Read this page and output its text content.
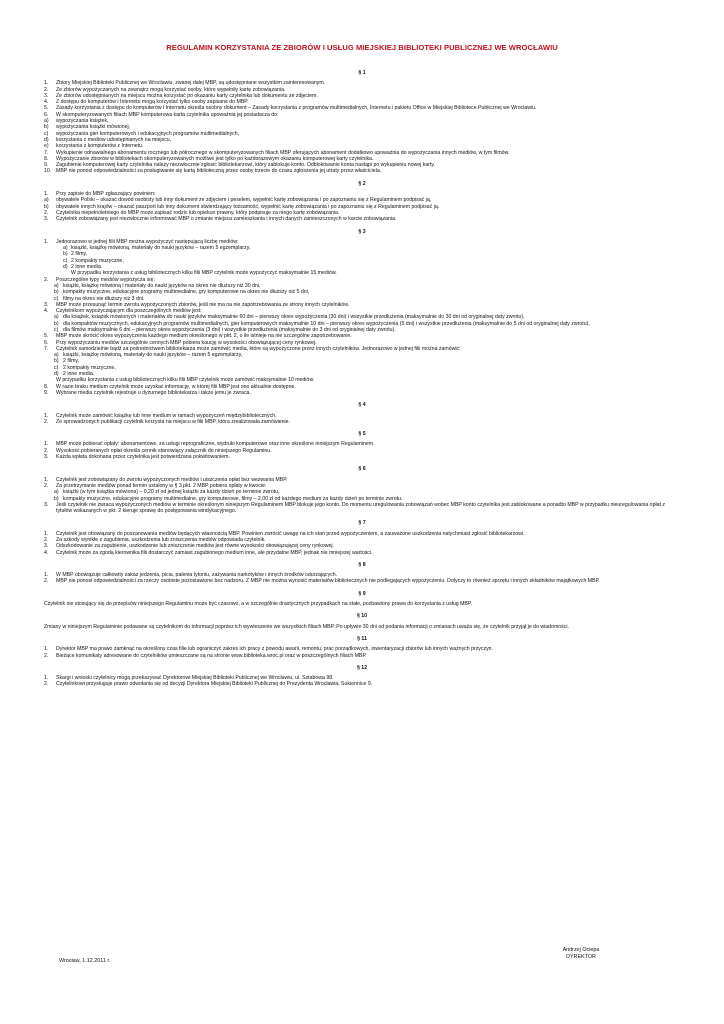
REGULAMIN KORZYSTANIA ZE ZBIORÓW I USŁUG MIEJSKIEJ BIBLIOTEKI PUBLICZNEJ WE WROCŁAWIU
§ 1
1. Zbiory Miejskiej Biblioteki Publicznej we Wrocławiu, zwanej dalej MBP, są udostępniane wszystkim zainteresowanym.
2. Ze zbiorów wypożyczanych na zewnątrz mogą korzystać osoby, które wypełniły kartę zobowiązania.
3. Ze zbiorów udostępnianych na miejscu można korzystać po okazaniu karty czytelnika lub dokumentu ze zdjęciem.
4. Z dostępu do komputerów i Internetu mogą korzystać tylko osoby zapisane do MBP.
5. Zasady korzystania z dostępu do komputerów i Internetu określa osobny dokument – Zasady korzystania z programów multimedialnych, Internetu i pakietu Office w Miejskiej Bibliotece Publicznej we Wrocławiu.
6. W skomputeryzowanych filiach MBP komputerowa karta czytelnika upoważnia jej posiadacza do:
a) wypożyczania książek,
b) wypożyczania książki mówionej,
c) wypożyczania gier komputerowych i edukacyjnych programów multimedialnych,
d) korzystania z mediów udostępnianych na miejscu,
e) korzystania z komputerów z Internetu.
7. Wykupienie odnawialnego abonamentu rocznego lub półrocznego w skomputeryzowanych filiach MBP oferujących abonament dodatkowo upoważnia do wypożyczania innych mediów, w tym filmów.
8. Wypożyczanie zbiorów w bibliotekach skomputeryzowanych możliwe jest tylko po każdorazowym okazaniu komputerowej karty czytelnika.
9. Zagubienie komputerowej karty czytelnika należy niezwłocznie zgłosić bibliotekarzowi, który zablokuje konto. Odblokowanie konta nastąpi po wykupieniu nowej karty.
10. MBP nie ponosi odpowiedzialności za posługiwanie się kartą biblioteczną przez osoby trzecie do czasu zgłoszenia jej utraty przez właściciela.
§ 2
1. Przy zapisie do MBP zgłaszający powinien:
a) obywatele Polski – okazać dowód osobisty lub inny dokument ze zdjęciem i peselem, wypełnić kartę zobowiązania i po zapoznaniu się z Regulaminem podpisać ją,
b) obywatele innych krajów – okazać paszport lub inny dokument stwierdzający tożsamość, wypełnić kartę zobowiązania i po zapoznaniu się z Regulaminem podpisać ją.
2. Czytelnika niepełnoletniego do MBP może zapisać rodzic lub opiekun prawny, który podpisuje za niego kartę zobowiązania.
3. Czytelnik zobowiązany jest niezwłocznie informować MBP o zmianie miejsca zamieszkania i innych danych zamieszczonych w karcie zobowiązania.
§ 3
1. Jednorazowo w jednej filii MBP można wypożyczyć następującą liczbę mediów:
a) książki, książkę mówioną, materiały do nauki języków – razem 5 egzemplarzy,
b) 2 filmy,
c) 2 kompakty muzyczne,
d) 2 inne media.
W przypadku korzystania z usług bibliotecznych kilku filii MBP czytelnik może wypożyczyć maksymalnie 15 mediów.
2. Poszczególne typy mediów wypożycza się:
a) książki, książkę mówioną i materiały do nauki języków na okres nie dłuższy niż 30 dni,
b) kompakty muzyczne, edukacyjne programy multimedialne, gry komputerowe na okres nie dłuższy niż 5 dni,
c) filmy na okres nie dłuższy niż 3 dni.
3. MBP może przesunąć termin zwrotu wypożyczonych zbiorów, jeśli nie ma na nie zapotrzebowania ze strony innych czytelników.
4. Czytelnikom wypożyczającym dla poszczególnych mediów jest:
a) dla książek, książek mówionych i materiałów do nauki języków maksymalnie 60 dni – pierwszy okres wypożyczenia (30 dni) i wszystkie przedłużenia (maksymalnie do 30 dni od oryginalnej daty zwrotu),
b) dla kompaktów muzycznych, edukacyjnych programów multimedialnych, gier komputerowych maksymalnie 10 dni – pierwszy okres wypożyczenia (5 dni) i wszystkie przedłużenia (maksymalnie do 5 dni od oryginalnej daty zwrotu),
c) dla filmów maksymalnie 6 dni – pierwszy okres wypożyczenia (3 dni) i wszystkie przedłużenia (maksymalnie do 3 dni od oryginalnej daty zwrotu).
5. MBP może skrócić okres wypożyczenia każdego medium określonego w pkt. 2, o ile istnieje na nie szczególne zapotrzebowanie.
6. Przy wypożyczaniu mediów szczególnie cennych MBP pobiera kaucję w wysokości obowiązującej ceny rynkowej.
7. Czytelnik samodzielnie bądź za pośrednictwem bibliotekarza może zamówić media, które są wypożyczone przez innych czytelników. Jednorazowo w jednej filii można zamówić:
a) książki, książkę mówioną, materiały do nauki języków – razem 5 egzemplarzy,
b) 2 filmy,
c) 2 kompakty muzyczne,
d) 2 inne media.
W przypadku korzystania z usług bibliotecznych kilku filii MBP czytelnik może zamówić maksymalnie 10 mediów.
8. W razie braku medium czytelnik może uzyskać informację, w której filii MBP jest ono aktualnie dostępne.
9. Wybrane media czytelnik rejestruje u dyżurnego bibliotekarza i także jemu je zwraca.
§ 4
1. Czytelnik może zamówić książkę lub inne medium w ramach wypożyczeń międzybibliotecznych.
2. Ze sprowadzonych publikacji czytelnik korzysta na miejscu w filii MBP, która zrealizowała zamówienie.
§ 5
1. MBP może pobierać opłaty: abonamentowe, za usługi reprograficzne, wydruki komputerowe oraz inne określone niniejszym Regulaminem.
2. Wysokość pobieranych opłat określa cennik stanowiący załącznik do niniejszego Regulaminu.
3. Każda wpłata dokonana przez czytelnika jest potwierdzana pokwitowaniem.
§ 6
1. Czytelnik jest zobowiązany do zwrotu wypożyczonych mediów i uiszczenia opłat bez wezwania MBP.
2. Za przetrzymanie mediów ponad termin ustalony w § 3 pkt. 2 MBP pobiera opłaty w kwocie:
a) książki (w tym książka mówiona) – 0,20 zł od jednej książki za każdy dzień po terminie zwrotu,
b) kompakty muzyczne, edukacyjne programy multimedialne, gry komputerowe, filmy – 2,00 zł od każdego medium za każdy dzień po terminie zwrotu.
3. Jeśli czytelnik nie zwraca wypożyczonych mediów w terminie określonym niniejszym Regulaminem MBP blokuje jego konto. Do momentu uregulowania zobowiązań wobec MBP konto czytelnika jest zablokowane a ponadto MBP w przypadku nieuregulowania opłat z tytułów wskazanych w pkt. 2 kieruje sprawę do postępowania windykacyjnego.
§ 7
1. Czytelnik jest obowiązany do poszanowania mediów będących własnością MBP. Powinien zwrócić uwagę na ich stan przed wypożyczeniem, a zauważone uszkodzenia natychmiast zgłosić bibliotekarzowi.
2. Za szkody wynikłe z zagubienia, uszkodzenia lub zniszczenia mediów odpowiada czytelnik.
3. Odszkodowanie za zagubienie, uszkodzenie lub zniszczenie mediów jest równe wysokości obowiązującej ceny rynkowej.
4. Czytelnik może za zgodą kierownika filii dostarczyć zamiast zagubionego medium inne, ale przydatne MBP, jednak nie mniejszej wartości.
§ 8
1. W MBP obowiązuje całkowity zakaz jedzenia, picia, palenia tytoniu, zażywania narkotyków i innych środków odurzających.
2. MBP nie ponosi odpowiedzialności za rzeczy osobiste pozostawione bez nadzoru. Z MBP nie można wynosić materiałów bibliotecznych nie podlegających wypożyczeniu. Dotyczy to również sprzętu i innych składników majątkowych MBP.
§ 9
Czytelnik nie stosujący się do przepisów niniejszego Regulaminu może być czasowo, a w szczególnie drastycznych przypadkach na stałe, pozbawiony prawa do korzystania z usług MBP.
§ 10
Zmiany w niniejszym Regulaminie podawane są czytelnikom do informacji poprzez ich wywieszenie we wszystkich filiach MBP. Po upływie 30 dni od podania informacji o zmianach uważa się, że czytelnik przyjął je do wiadomości.
§ 11
1. Dyrektor MBP ma prawo zamknąć na określony czas filie lub ograniczyć zakres ich pracy z powodu awarii, remontu, prac porządkowych, inwentaryzacji zbiorów lub innych ważnych przyczyn.
2. Bieżące komunikaty adresowane do czytelników umieszczane są na stronie www.biblioteka.wroc.pl oraz w poszczególnych filiach MBP.
§ 12
1. Skargi i wnioski czytelnicy mogą przekazywać Dyrektorowi Miejskiej Biblioteki Publicznej we Wrocławiu, ul. Sztabowa 98.
2. Czytelnikowi przysługuje prawo odwołania się od decyzji Dyrektora Miejskiej Biblioteki Publicznej do Prezydenta Wrocławia, Sukiennice 9.
Wrocław, 1.12.2011 r.
Andrzej Ociepa
DYREKTOR
